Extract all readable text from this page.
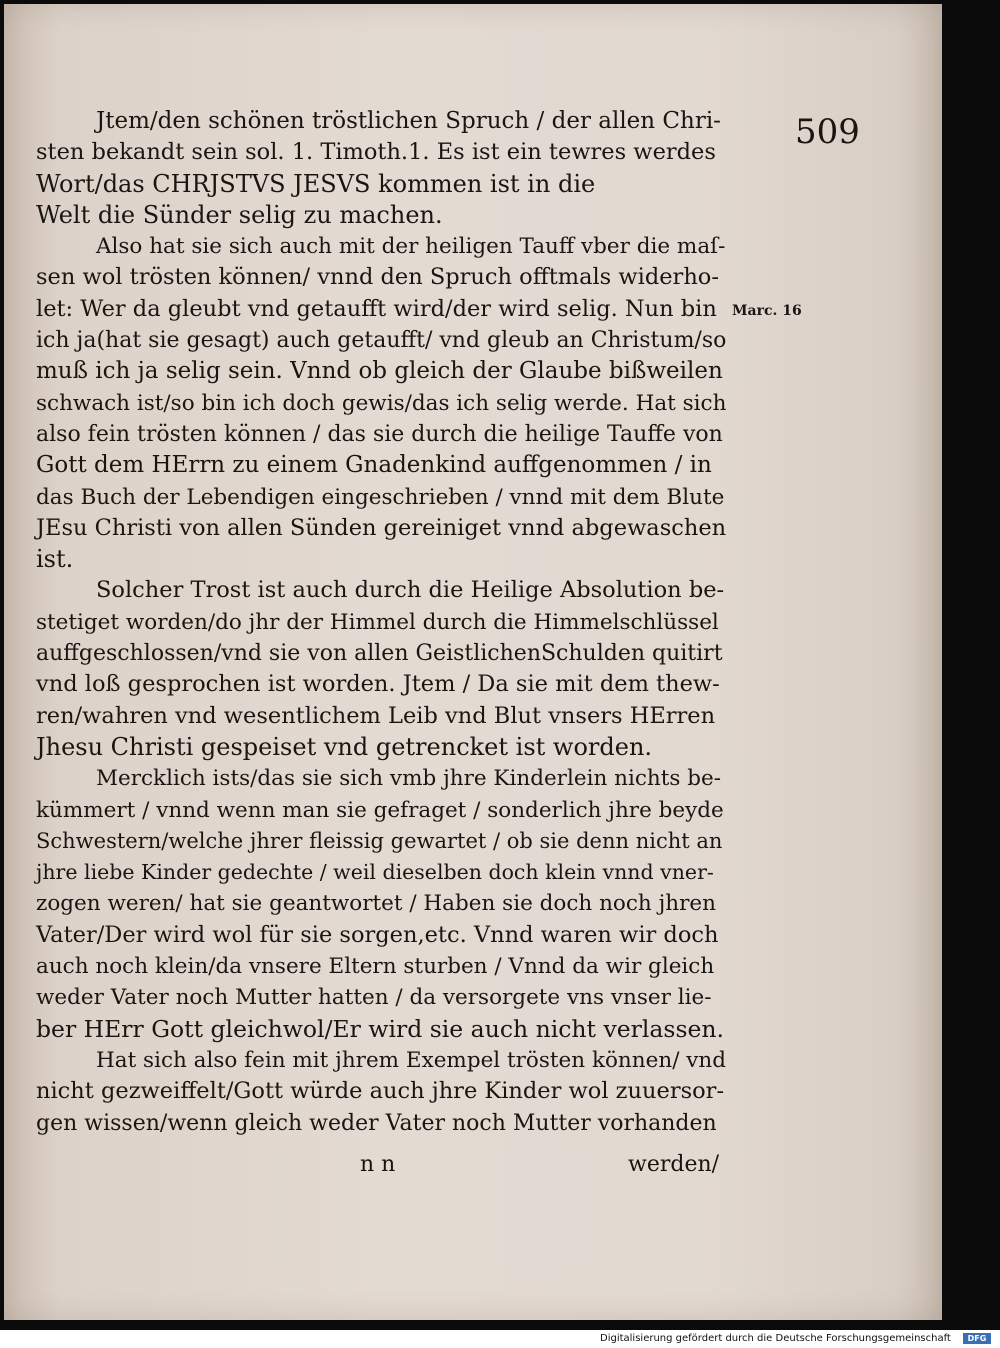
509
Marc. 16
Jtem/den schönen tröstlichen Spruch / der allen Chri-
sten bekandt sein sol. 1. Timoth.1. Es ist ein tewres werdes
Wort/das CHRJSTVS JESVS kommen ist in die
Welt die Sünder selig zu machen.
Also hat sie sich auch mit der heiligen Tauff vber die maſ-
sen wol trösten können/ vnnd den Spruch offtmals widerho-
let: Wer da gleubt vnd getaufft wird/der wird selig. Nun bin
ich ja(hat sie gesagt) auch getaufft/ vnd gleub an Christum/so
muß ich ja selig sein. Vnnd ob gleich der Glaube bißweilen
schwach ist/so bin ich doch gewis/das ich selig werde. Hat sich
also fein trösten können / das sie durch die heilige Tauffe von
Gott dem HErrn zu einem Gnadenkind auffgenommen / in
das Buch der Lebendigen eingeschrieben / vnnd mit dem Blute
JEsu Christi von allen Sünden gereiniget vnnd abgewaschen
ist.
Solcher Trost ist auch durch die Heilige Absolution be-
stetiget worden/do jhr der Himmel durch die Himmelschlüssel
auffgeschlossen/vnd sie von allen GeistlichenSchulden quitirt
vnd loß gesprochen ist worden. Jtem / Da sie mit dem thew-
ren/wahren vnd wesentlichem Leib vnd Blut vnsers HErren
Jhesu Christi gespeiset vnd getrencket ist worden.
Mercklich ists/das sie sich vmb jhre Kinderlein nichts be-
kümmert / vnnd wenn man sie gefraget / sonderlich jhre beyde
Schwestern/welche jhrer fleissig gewartet / ob sie denn nicht an
jhre liebe Kinder gedechte / weil dieselben doch klein vnnd vner-
zogen weren/ hat sie geantwortet / Haben sie doch noch jhren
Vater/Der wird wol für sie sorgen,etc. Vnnd waren wir doch
auch noch klein/da vnsere Eltern sturben / Vnnd da wir gleich
weder Vater noch Mutter hatten / da versorgete vns vnser lie-
ber HErr Gott gleichwol/Er wird sie auch nicht verlassen.
Hat sich also fein mit jhrem Exempel trösten können/ vnd
nicht gezweiffelt/Gott würde auch jhre Kinder wol zuuersor-
gen wissen/wenn gleich weder Vater noch Mutter vorhanden
n n	werden/
Digitalisierung gefördert durch die Deutsche Forschungsgemeinschaft	DFG
